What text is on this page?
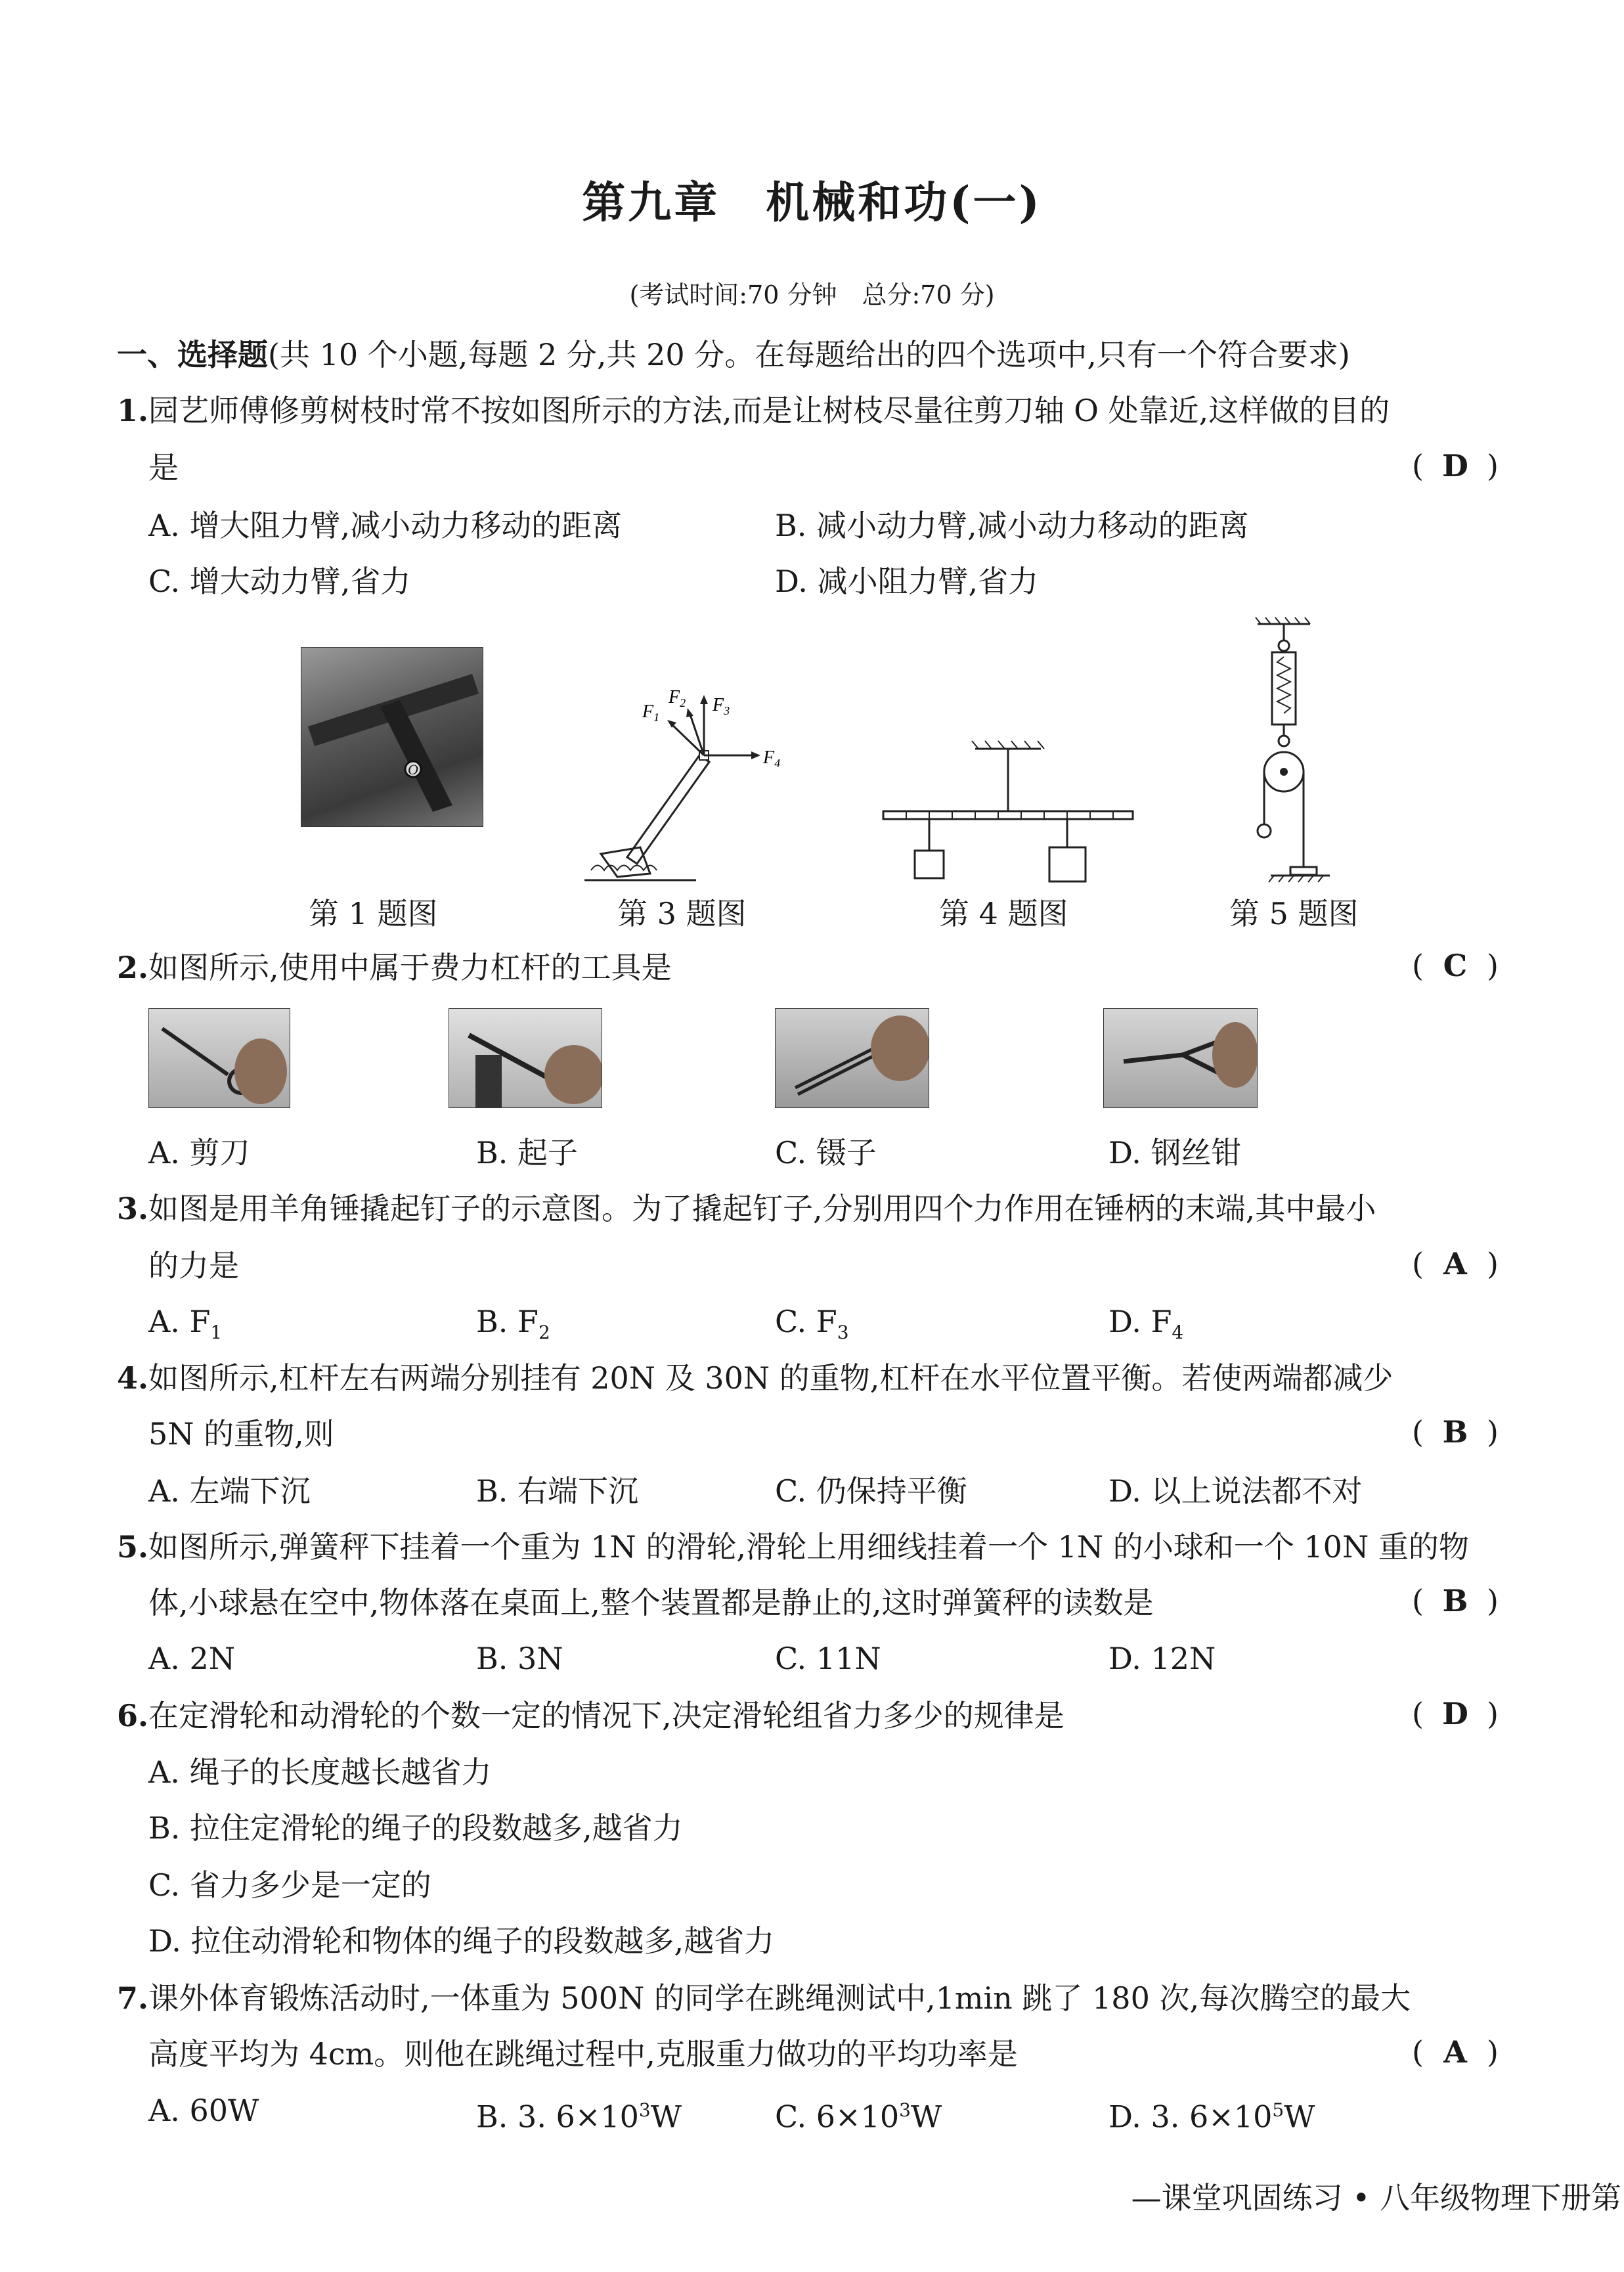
第九章　机械和功(一)
(考试时间:70 分钟　总分:70 分)
一、选择题(共 10 个小题,每题 2 分,共 20 分。在每题给出的四个选项中,只有一个符合要求)
1.园艺师傅修剪树枝时常不按如图所示的方法,而是让树枝尽量往剪刀轴 O 处靠近,这样做的目的
是	( D )
A. 增大阻力臂,减小动力移动的距离	B. 减小动力臂,减小动力移动的距离
C. 增大动力臂,省力	D. 减小阻力臂,省力
O
$F_1$
$F_2$ $F_3$
$F_4$
第 1 题图	第 3 题图	第 4 题图	第 5 题图
2.如图所示,使用中属于费力杠杆的工具是	( C )
A. 剪刀	B. 起子	C. 镊子	D. 钢丝钳
3.如图是用羊角锤撬起钉子的示意图。为了撬起钉子,分别用四个力作用在锤柄的末端,其中最小
的力是	( A )
A. $F_1$	B. $F_2$	C. $F_3$	D. $F_4$
4.如图所示,杠杆左右两端分别挂有 20N 及 30N 的重物,杠杆在水平位置平衡。若使两端都减少
5N 的重物,则	( B )
A. 左端下沉	B. 右端下沉	C. 仍保持平衡	D. 以上说法都不对
5.如图所示,弹簧秤下挂着一个重为 1N 的滑轮,滑轮上用细线挂着一个 1N 的小球和一个 10N 重的物
体,小球悬在空中,物体落在桌面上,整个装置都是静止的,这时弹簧秤的读数是	( B )
A. 2N	B. 3N	C. 11N	D. 12N
6.在定滑轮和动滑轮的个数一定的情况下,决定滑轮组省力多少的规律是	( D )
A. 绳子的长度越长越省力
B. 拉住定滑轮的绳子的段数越多,越省力
C. 省力多少是一定的
D. 拉住动滑轮和物体的绳子的段数越多,越省力
7.课外体育锻炼活动时,一体重为 500N 的同学在跳绳测试中,1min 跳了 180 次,每次腾空的最大
高度平均为 4cm。则他在跳绳过程中,克服重力做功的平均功率是	( A )
A. 60W	B. 3. $6\times 10^3W$	C. $6\times 10^3W$	D. 3. $6\times 10^5W$
—课堂巩固练习 • 八年级物理下册第
